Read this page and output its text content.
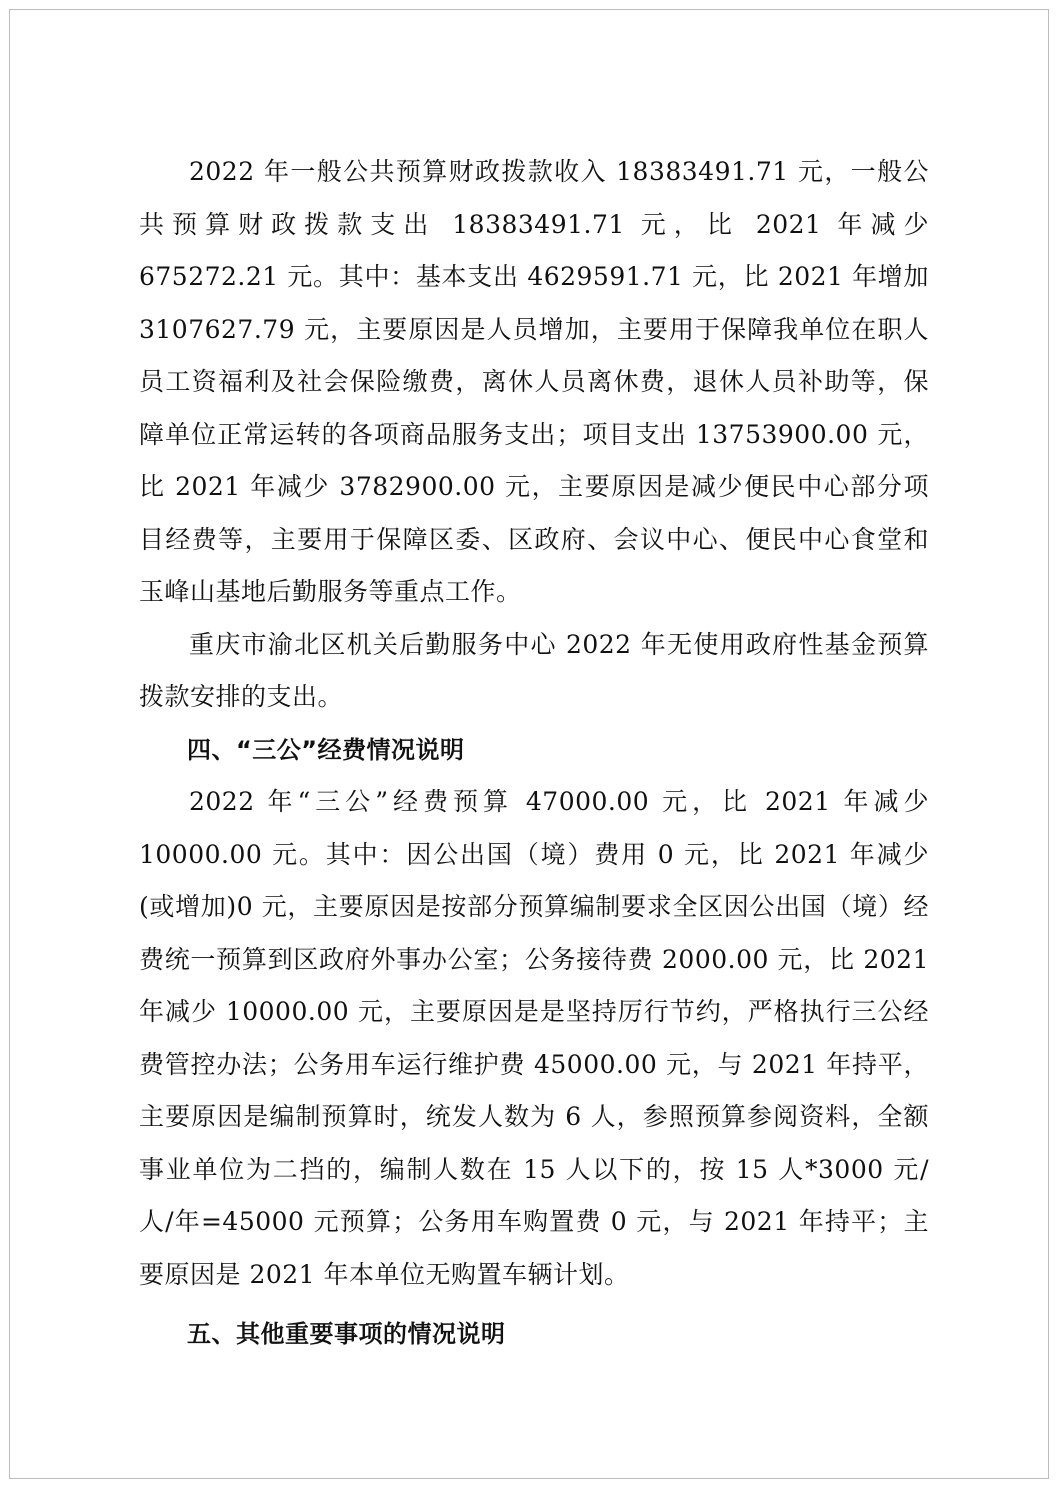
2022 年一般公共预算财政拨款收入 18383491.71 元，一般公共预算财政拨款支出 18383491.71 元，比 2021 年减少 675272.21 元。其中：基本支出 4629591.71 元，比 2021 年增加 3107627.79 元，主要原因是人员增加，主要用于保障我单位在职人员工资福利及社会保险缴费，离休人员离休费，退休人员补助等，保障单位正常运转的各项商品服务支出；项目支出 13753900.00 元，比 2021 年减少 3782900.00 元，主要原因是减少便民中心部分项目经费等，主要用于保障区委、区政府、会议中心、便民中心食堂和玉峰山基地后勤服务等重点工作。

重庆市渝北区机关后勤服务中心 2022 年无使用政府性基金预算拨款安排的支出。

四、“三公”经费情况说明

2022 年“三公”经费预算 47000.00 元，比 2021 年减少 10000.00 元。其中：因公出国（境）费用 0 元，比 2021 年减少(或增加)0 元，主要原因是按部分预算编制要求全区因公出国（境）经费统一预算到区政府外事办公室；公务接待费 2000.00 元，比 2021 年减少 10000.00 元，主要原因是是坚持厉行节约，严格执行三公经费管控办法；公务用车运行维护费 45000.00 元，与 2021 年持平，主要原因是编制预算时，统发人数为 6 人，参照预算参阅资料，全额事业单位为二挡的，编制人数在 15 人以下的，按 15 人*3000 元/人/年=45000 元预算；公务用车购置费 0 元，与 2021 年持平；主要原因是 2021 年本单位无购置车辆计划。

五、其他重要事项的情况说明
